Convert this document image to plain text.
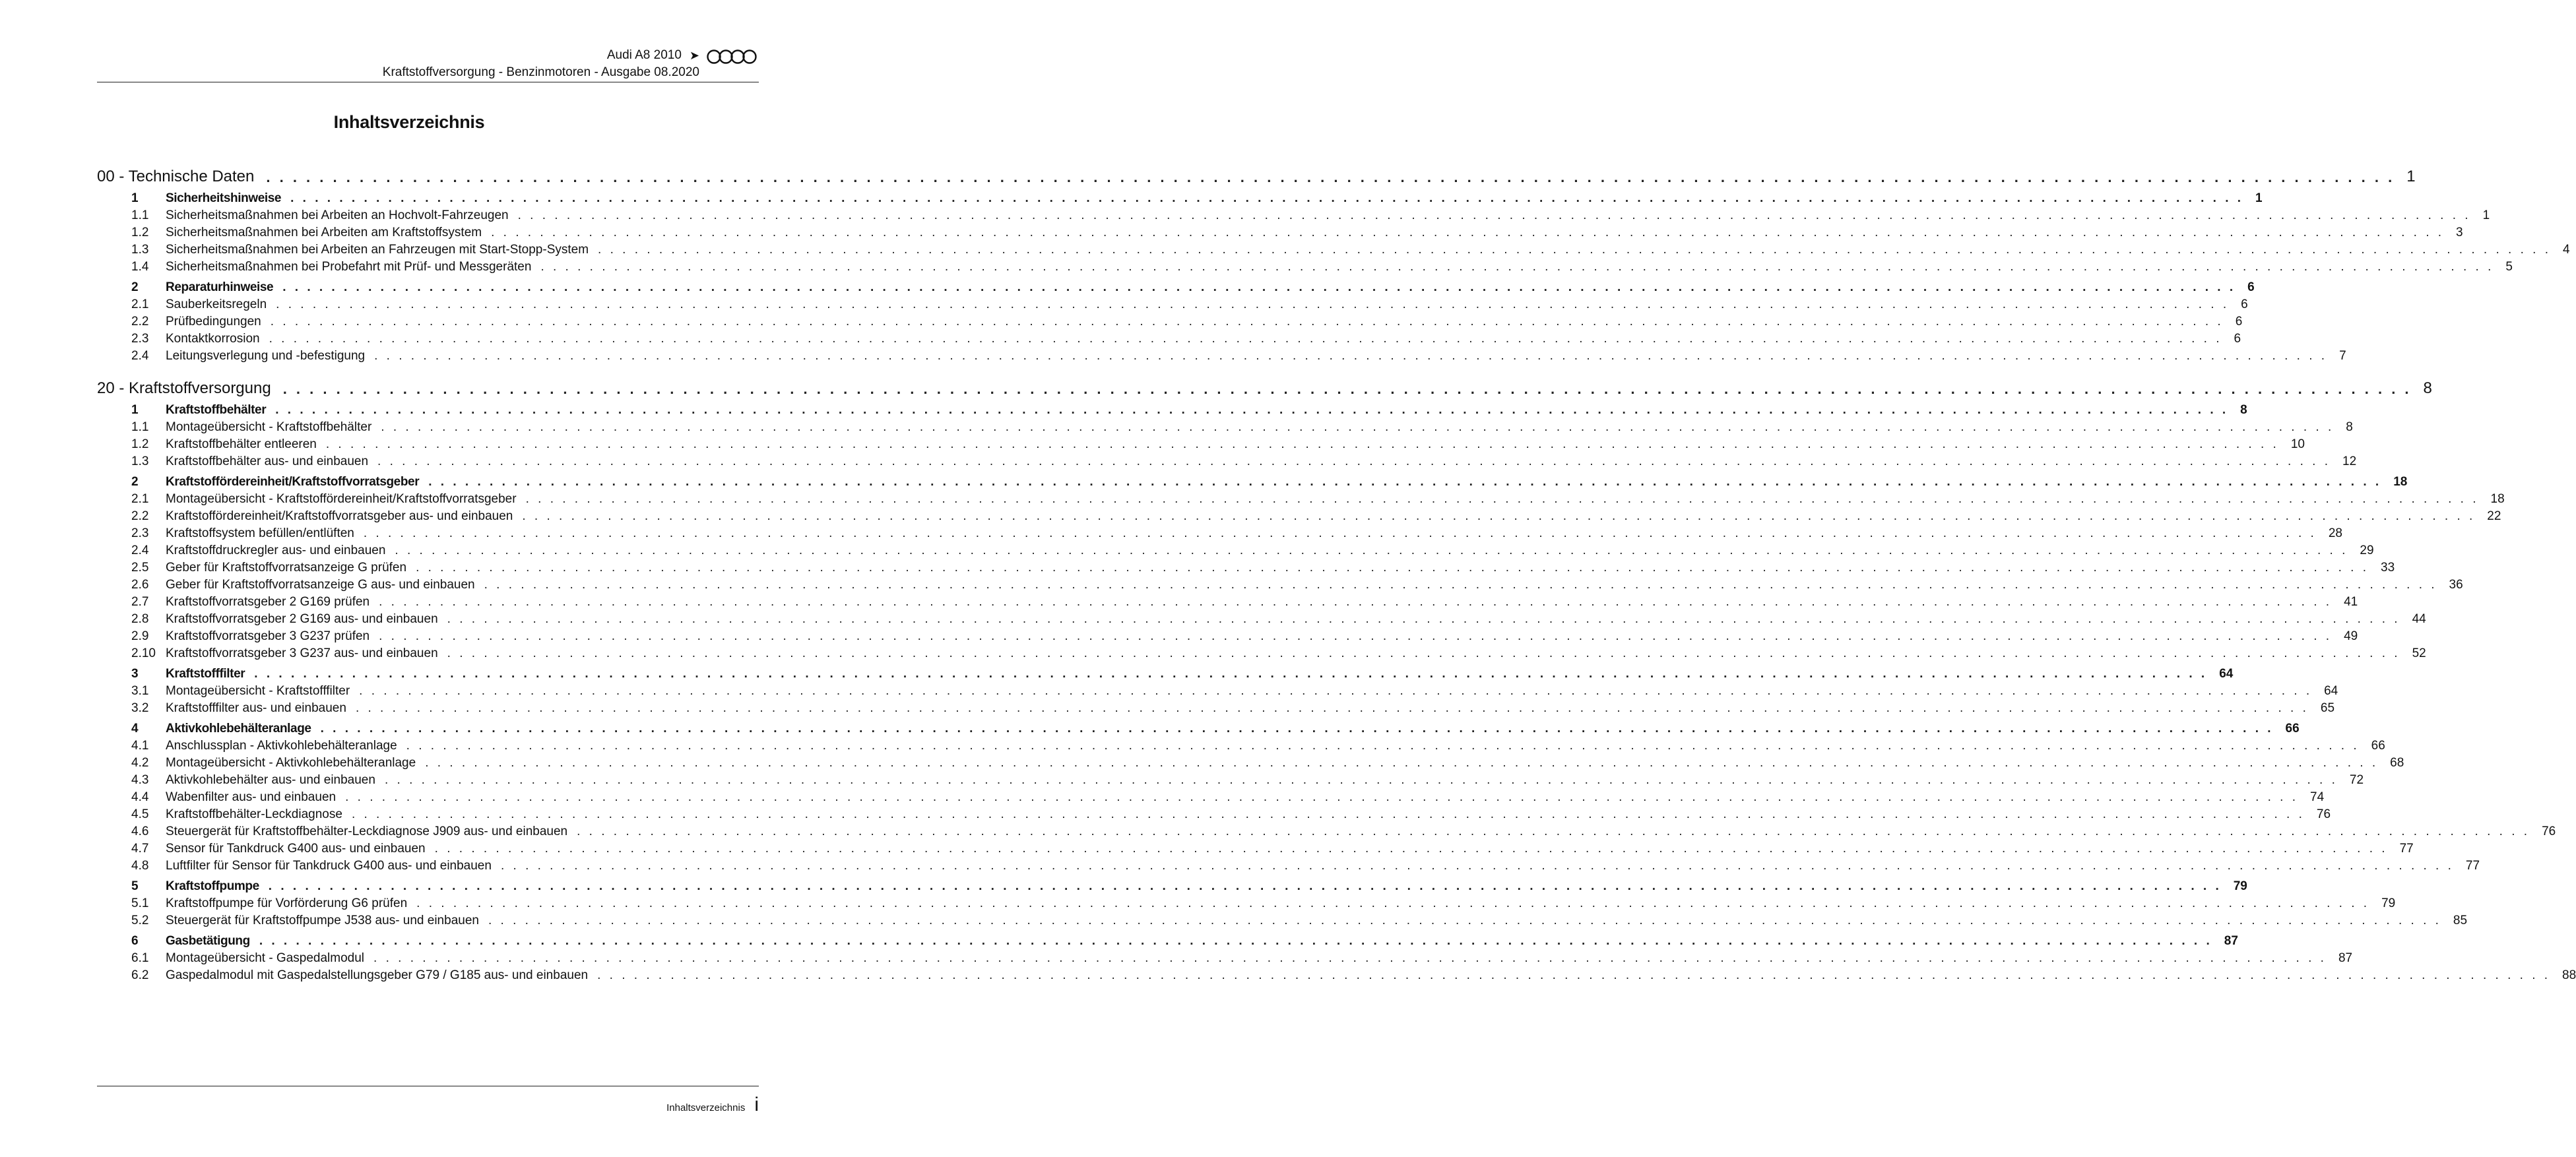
Audi A8 2010 ➤
Kraftstoffversorgung - Benzinmotoren - Ausgabe 08.2020
Inhaltsverzeichnis
00 - Technische Daten . . . . . . . . . . . . . . . . . . . . . . . . . . . . . . . . . . . . . . . . . . . . . . . . . . . . . . . . . . . . . . . . . . . . . . . . . . . . . . . . . . . . . . . . . . . . . . . . . . . . . . . . . . . . . . . . . . . . . . . . . . . . . . . . . . . . . . . . . . . . . . . . . . . . . . . . . . . . . . . . 1
1	Sicherheitshinweise . . . . . . . . . . . . . . . . . . . . . . . . . . . . . . . . . . . . . . . . . . . . . . . . . . . . . . . . . . . . . . . . . . . . . . . . . . . . . . . . . . . . . . . . . . . . . . . . . . . . . . . . . . . . . . . . . . . . . . . . . . . . . . . . . . . . . . . . . . . . . . . . . . . . . . . . . . . . . . . . 1
1.1	Sicherheitsmaßnahmen bei Arbeiten an Hochvolt-Fahrzeugen . . . . . . . . . . . . . . . . . . . . . . . . . . . . . . . . . . . . . . . . . . . . . . . . . . . . . . . . . . . . . . . . . . . . . . . . . . . . . . . . . . . . . . . . . . . . . . . . . . . . . . . . . . . . . . . . . . . . . . . . . . . . . . . . . . . . . . . . . . . . . . . . . . . . . . . . . . . . . . . . 1
1.2	Sicherheitsmaßnahmen bei Arbeiten am Kraftstoffsystem . . . . . . . . . . . . . . . . . . . . . . . . . . . . . . . . . . . . . . . . . . . . . . . . . . . . . . . . . . . . . . . . . . . . . . . . . . . . . . . . . . . . . . . . . . . . . . . . . . . . . . . . . . . . . . . . . . . . . . . . . . . . . . . . . . . . . . . . . . . . . . . . . . . . . . . . . . . . . . . . 3
1.3	Sicherheitsmaßnahmen bei Arbeiten an Fahrzeugen mit Start-Stopp-System . . . . . . . . . . . . . . . . . . . . . . . . . . . . . . . . . . . . . . . . . . . . . . . . . . . . . . . . . . . . . . . . . . . . . . . . . . . . . . . . . . . . . . . . . . . . . . . . . . . . . . . . . . . . . . . . . . . . . . . . . . . . . . . . . . . . . . . . . . . . . . . . . . . . . . . . . . . . . . . . 4
1.4	Sicherheitsmaßnahmen bei Probefahrt mit Prüf- und Messgeräten . . . . . . . . . . . . . . . . . . . . . . . . . . . . . . . . . . . . . . . . . . . . . . . . . . . . . . . . . . . . . . . . . . . . . . . . . . . . . . . . . . . . . . . . . . . . . . . . . . . . . . . . . . . . . . . . . . . . . . . . . . . . . . . . . . . . . . . . . . . . . . . . . . . . . . . . . . . . . . . . 5
2	Reparaturhinweise . . . . . . . . . . . . . . . . . . . . . . . . . . . . . . . . . . . . . . . . . . . . . . . . . . . . . . . . . . . . . . . . . . . . . . . . . . . . . . . . . . . . . . . . . . . . . . . . . . . . . . . . . . . . . . . . . . . . . . . . . . . . . . . . . . . . . . . . . . . . . . . . . . . . . . . . . . . . . . . . 6
2.1	Sauberkeitsregeln . . . . . . . . . . . . . . . . . . . . . . . . . . . . . . . . . . . . . . . . . . . . . . . . . . . . . . . . . . . . . . . . . . . . . . . . . . . . . . . . . . . . . . . . . . . . . . . . . . . . . . . . . . . . . . . . . . . . . . . . . . . . . . . . . . . . . . . . . . . . . . . . . . . . . . . . . . . . . . . . 6
2.2	Prüfbedingungen . . . . . . . . . . . . . . . . . . . . . . . . . . . . . . . . . . . . . . . . . . . . . . . . . . . . . . . . . . . . . . . . . . . . . . . . . . . . . . . . . . . . . . . . . . . . . . . . . . . . . . . . . . . . . . . . . . . . . . . . . . . . . . . . . . . . . . . . . . . . . . . . . . . . . . . . . . . . . . . . 6
2.3	Kontaktkorrosion . . . . . . . . . . . . . . . . . . . . . . . . . . . . . . . . . . . . . . . . . . . . . . . . . . . . . . . . . . . . . . . . . . . . . . . . . . . . . . . . . . . . . . . . . . . . . . . . . . . . . . . . . . . . . . . . . . . . . . . . . . . . . . . . . . . . . . . . . . . . . . . . . . . . . . . . . . . . . . . . 6
2.4	Leitungsverlegung und -befestigung . . . . . . . . . . . . . . . . . . . . . . . . . . . . . . . . . . . . . . . . . . . . . . . . . . . . . . . . . . . . . . . . . . . . . . . . . . . . . . . . . . . . . . . . . . . . . . . . . . . . . . . . . . . . . . . . . . . . . . . . . . . . . . . . . . . . . . . . . . . . . . . . . . . . . . . . . . . . . . . . 7
20 - Kraftstoffversorgung . . . . . . . . . . . . . . . . . . . . . . . . . . . . . . . . . . . . . . . . . . . . . . . . . . . . . . . . . . . . . . . . . . . . . . . . . . . . . . . . . . . . . . . . . . . . . . . . . . . . . . . . . . . . . . . . . . . . . . . . . . . . . . . . . . . . . . . . . . . . . . . . . . . . . . . . . . . . . . . . 8
1	Kraftstoffbehälter . . . . . . . . . . . . . . . . . . . . . . . . . . . . . . . . . . . . . . . . . . . . . . . . . . . . . . . . . . . . . . . . . . . . . . . . . . . . . . . . . . . . . . . . . . . . . . . . . . . . . . . . . . . . . . . . . . . . . . . . . . . . . . . . . . . . . . . . . . . . . . . . . . . . . . . . . . . . . . . . 8
1.1	Montageübersicht - Kraftstoffbehälter . . . . . . . . . . . . . . . . . . . . . . . . . . . . . . . . . . . . . . . . . . . . . . . . . . . . . . . . . . . . . . . . . . . . . . . . . . . . . . . . . . . . . . . . . . . . . . . . . . . . . . . . . . . . . . . . . . . . . . . . . . . . . . . . . . . . . . . . . . . . . . . . . . . . . . . . . . . . . . . . 8
1.2	Kraftstoffbehälter entleeren . . . . . . . . . . . . . . . . . . . . . . . . . . . . . . . . . . . . . . . . . . . . . . . . . . . . . . . . . . . . . . . . . . . . . . . . . . . . . . . . . . . . . . . . . . . . . . . . . . . . . . . . . . . . . . . . . . . . . . . . . . . . . . . . . . . . . . . . . . . . . . . . . . . . . . . . . . . . . . . . 10
1.3	Kraftstoffbehälter aus- und einbauen . . . . . . . . . . . . . . . . . . . . . . . . . . . . . . . . . . . . . . . . . . . . . . . . . . . . . . . . . . . . . . . . . . . . . . . . . . . . . . . . . . . . . . . . . . . . . . . . . . . . . . . . . . . . . . . . . . . . . . . . . . . . . . . . . . . . . . . . . . . . . . . . . . . . . . . . . . . . . . . . 12
2	Kraftstoffördereinheit/Kraftstoffvorratsgeber . . . . . . . . . . . . . . . . . . . . . . . . . . . . . . . . . . . . . . . . . . . . . . . . . . . . . . . . . . . . . . . . . . . . . . . . . . . . . . . . . . . . . . . . . . . . . . . . . . . . . . . . . . . . . . . . . . . . . . . . . . . . . . . . . . . . . . . . . . . . . . . . . . . . . . . . . . . . . . . . 18
2.1	Montageübersicht - Kraftstoffördereinheit/Kraftstoffvorratsgeber . . . . . . . . . . . . . . . . . . . . . . . . . . . . . . . . . . . . . . . . . . . . . . . . . . . . . . . . . . . . . . . . . . . . . . . . . . . . . . . . . . . . . . . . . . . . . . . . . . . . . . . . . . . . . . . . . . . . . . . . . . . . . . . . . . . . . . . . . . . . . . . . . . . . . . . . . . . . . . . . 18
2.2	Kraftstoffördereinheit/Kraftstoffvorratsgeber aus- und einbauen . . . . . . . . . . . . . . . . . . . . . . . . . . . . . . . . . . . . . . . . . . . . . . . . . . . . . . . . . . . . . . . . . . . . . . . . . . . . . . . . . . . . . . . . . . . . . . . . . . . . . . . . . . . . . . . . . . . . . . . . . . . . . . . . . . . . . . . . . . . . . . . . . . . . . . . . . . . . . . . . 22
2.3	Kraftstoffsystem befüllen/entlüften . . . . . . . . . . . . . . . . . . . . . . . . . . . . . . . . . . . . . . . . . . . . . . . . . . . . . . . . . . . . . . . . . . . . . . . . . . . . . . . . . . . . . . . . . . . . . . . . . . . . . . . . . . . . . . . . . . . . . . . . . . . . . . . . . . . . . . . . . . . . . . . . . . . . . . . . . . . . . . . . 28
2.4	Kraftstoffdruckregler aus- und einbauen . . . . . . . . . . . . . . . . . . . . . . . . . . . . . . . . . . . . . . . . . . . . . . . . . . . . . . . . . . . . . . . . . . . . . . . . . . . . . . . . . . . . . . . . . . . . . . . . . . . . . . . . . . . . . . . . . . . . . . . . . . . . . . . . . . . . . . . . . . . . . . . . . . . . . . . . . . . . . . . . 29
2.5	Geber für Kraftstoffvorratsanzeige G prüfen . . . . . . . . . . . . . . . . . . . . . . . . . . . . . . . . . . . . . . . . . . . . . . . . . . . . . . . . . . . . . . . . . . . . . . . . . . . . . . . . . . . . . . . . . . . . . . . . . . . . . . . . . . . . . . . . . . . . . . . . . . . . . . . . . . . . . . . . . . . . . . . . . . . . . . . . . . . . . . . . 33
2.6	Geber für Kraftstoffvorratsanzeige G aus- und einbauen . . . . . . . . . . . . . . . . . . . . . . . . . . . . . . . . . . . . . . . . . . . . . . . . . . . . . . . . . . . . . . . . . . . . . . . . . . . . . . . . . . . . . . . . . . . . . . . . . . . . . . . . . . . . . . . . . . . . . . . . . . . . . . . . . . . . . . . . . . . . . . . . . . . . . . . . . . . . . . . . 36
2.7	Kraftstoffvorratsgeber 2 G169 prüfen . . . . . . . . . . . . . . . . . . . . . . . . . . . . . . . . . . . . . . . . . . . . . . . . . . . . . . . . . . . . . . . . . . . . . . . . . . . . . . . . . . . . . . . . . . . . . . . . . . . . . . . . . . . . . . . . . . . . . . . . . . . . . . . . . . . . . . . . . . . . . . . . . . . . . . . . . . . . . . . . 41
2.8	Kraftstoffvorratsgeber 2 G169 aus- und einbauen . . . . . . . . . . . . . . . . . . . . . . . . . . . . . . . . . . . . . . . . . . . . . . . . . . . . . . . . . . . . . . . . . . . . . . . . . . . . . . . . . . . . . . . . . . . . . . . . . . . . . . . . . . . . . . . . . . . . . . . . . . . . . . . . . . . . . . . . . . . . . . . . . . . . . . . . . . . . . . . . 44
2.9	Kraftstoffvorratsgeber 3 G237 prüfen . . . . . . . . . . . . . . . . . . . . . . . . . . . . . . . . . . . . . . . . . . . . . . . . . . . . . . . . . . . . . . . . . . . . . . . . . . . . . . . . . . . . . . . . . . . . . . . . . . . . . . . . . . . . . . . . . . . . . . . . . . . . . . . . . . . . . . . . . . . . . . . . . . . . . . . . . . . . . . . . 49
2.10 Kraftstoffvorratsgeber 3 G237 aus- und einbauen . . . . . . . . . . . . . . . . . . . . . . . . . . . . . . . . . . . . . . . . . . . . . . . . . . . . . . . . . . . . . . . . . . . . . . . . . . . . . . . . . . . . . . . . . . . . . . . . . . . . . . . . . . . . . . . . . . . . . . . . . . . . . . . . . . . . . . . . . . . . . . . . . . . . . . . . . . . . . . . . 52
3	Kraftstofffilter . . . . . . . . . . . . . . . . . . . . . . . . . . . . . . . . . . . . . . . . . . . . . . . . . . . . . . . . . . . . . . . . . . . . . . . . . . . . . . . . . . . . . . . . . . . . . . . . . . . . . . . . . . . . . . . . . . . . . . . . . . . . . . . . . . . . . . . . . . . . . . . . . . . . . . . . . . . . . . . . 64
3.1	Montageübersicht - Kraftstofffilter . . . . . . . . . . . . . . . . . . . . . . . . . . . . . . . . . . . . . . . . . . . . . . . . . . . . . . . . . . . . . . . . . . . . . . . . . . . . . . . . . . . . . . . . . . . . . . . . . . . . . . . . . . . . . . . . . . . . . . . . . . . . . . . . . . . . . . . . . . . . . . . . . . . . . . . . . . . . . . . . 64
3.2	Kraftstofffilter aus- und einbauen . . . . . . . . . . . . . . . . . . . . . . . . . . . . . . . . . . . . . . . . . . . . . . . . . . . . . . . . . . . . . . . . . . . . . . . . . . . . . . . . . . . . . . . . . . . . . . . . . . . . . . . . . . . . . . . . . . . . . . . . . . . . . . . . . . . . . . . . . . . . . . . . . . . . . . . . . . . . . . . . 65
4	Aktivkohlebehälteranlage . . . . . . . . . . . . . . . . . . . . . . . . . . . . . . . . . . . . . . . . . . . . . . . . . . . . . . . . . . . . . . . . . . . . . . . . . . . . . . . . . . . . . . . . . . . . . . . . . . . . . . . . . . . . . . . . . . . . . . . . . . . . . . . . . . . . . . . . . . . . . . . . . . . . . . . . . . . . . . . . 66
4.1	Anschlussplan - Aktivkohlebehälteranlage . . . . . . . . . . . . . . . . . . . . . . . . . . . . . . . . . . . . . . . . . . . . . . . . . . . . . . . . . . . . . . . . . . . . . . . . . . . . . . . . . . . . . . . . . . . . . . . . . . . . . . . . . . . . . . . . . . . . . . . . . . . . . . . . . . . . . . . . . . . . . . . . . . . . . . . . . . . . . . . . 66
4.2	Montageübersicht - Aktivkohlebehälteranlage . . . . . . . . . . . . . . . . . . . . . . . . . . . . . . . . . . . . . . . . . . . . . . . . . . . . . . . . . . . . . . . . . . . . . . . . . . . . . . . . . . . . . . . . . . . . . . . . . . . . . . . . . . . . . . . . . . . . . . . . . . . . . . . . . . . . . . . . . . . . . . . . . . . . . . . . . . . . . . . . 68
4.3	Aktivkohlebehälter aus- und einbauen . . . . . . . . . . . . . . . . . . . . . . . . . . . . . . . . . . . . . . . . . . . . . . . . . . . . . . . . . . . . . . . . . . . . . . . . . . . . . . . . . . . . . . . . . . . . . . . . . . . . . . . . . . . . . . . . . . . . . . . . . . . . . . . . . . . . . . . . . . . . . . . . . . . . . . . . . . . . . . . . 72
4.4	Wabenfilter aus- und einbauen . . . . . . . . . . . . . . . . . . . . . . . . . . . . . . . . . . . . . . . . . . . . . . . . . . . . . . . . . . . . . . . . . . . . . . . . . . . . . . . . . . . . . . . . . . . . . . . . . . . . . . . . . . . . . . . . . . . . . . . . . . . . . . . . . . . . . . . . . . . . . . . . . . . . . . . . . . . . . . . . 74
4.5	Kraftstoffbehälter-Leckdiagnose . . . . . . . . . . . . . . . . . . . . . . . . . . . . . . . . . . . . . . . . . . . . . . . . . . . . . . . . . . . . . . . . . . . . . . . . . . . . . . . . . . . . . . . . . . . . . . . . . . . . . . . . . . . . . . . . . . . . . . . . . . . . . . . . . . . . . . . . . . . . . . . . . . . . . . . . . . . . . . . . 76
4.6	Steuergerät für Kraftstoffbehälter-Leckdiagnose J909 aus- und einbauen . . . . . . . . . . . . . . . . . . . . . . . . . . . . . . . . . . . . . . . . . . . . . . . . . . . . . . . . . . . . . . . . . . . . . . . . . . . . . . . . . . . . . . . . . . . . . . . . . . . . . . . . . . . . . . . . . . . . . . . . . . . . . . . . . . . . . . . . . . . . . . . . . . . . . . . . . . . . . . . . 76
4.7	Sensor für Tankdruck G400 aus- und einbauen . . . . . . . . . . . . . . . . . . . . . . . . . . . . . . . . . . . . . . . . . . . . . . . . . . . . . . . . . . . . . . . . . . . . . . . . . . . . . . . . . . . . . . . . . . . . . . . . . . . . . . . . . . . . . . . . . . . . . . . . . . . . . . . . . . . . . . . . . . . . . . . . . . . . . . . . . . . . . . . . 77
4.8	Luftfilter für Sensor für Tankdruck G400 aus- und einbauen . . . . . . . . . . . . . . . . . . . . . . . . . . . . . . . . . . . . . . . . . . . . . . . . . . . . . . . . . . . . . . . . . . . . . . . . . . . . . . . . . . . . . . . . . . . . . . . . . . . . . . . . . . . . . . . . . . . . . . . . . . . . . . . . . . . . . . . . . . . . . . . . . . . . . . . . . . . . . . . . 77
5	Kraftstoffpumpe . . . . . . . . . . . . . . . . . . . . . . . . . . . . . . . . . . . . . . . . . . . . . . . . . . . . . . . . . . . . . . . . . . . . . . . . . . . . . . . . . . . . . . . . . . . . . . . . . . . . . . . . . . . . . . . . . . . . . . . . . . . . . . . . . . . . . . . . . . . . . . . . . . . . . . . . . . . . . . . . 79
5.1	Kraftstoffpumpe für Vorförderung G6 prüfen . . . . . . . . . . . . . . . . . . . . . . . . . . . . . . . . . . . . . . . . . . . . . . . . . . . . . . . . . . . . . . . . . . . . . . . . . . . . . . . . . . . . . . . . . . . . . . . . . . . . . . . . . . . . . . . . . . . . . . . . . . . . . . . . . . . . . . . . . . . . . . . . . . . . . . . . . . . . . . . . 79
5.2	Steuergerät für Kraftstoffpumpe J538 aus- und einbauen . . . . . . . . . . . . . . . . . . . . . . . . . . . . . . . . . . . . . . . . . . . . . . . . . . . . . . . . . . . . . . . . . . . . . . . . . . . . . . . . . . . . . . . . . . . . . . . . . . . . . . . . . . . . . . . . . . . . . . . . . . . . . . . . . . . . . . . . . . . . . . . . . . . . . . . . . . . . . . . . 85
6	Gasbetätigung . . . . . . . . . . . . . . . . . . . . . . . . . . . . . . . . . . . . . . . . . . . . . . . . . . . . . . . . . . . . . . . . . . . . . . . . . . . . . . . . . . . . . . . . . . . . . . . . . . . . . . . . . . . . . . . . . . . . . . . . . . . . . . . . . . . . . . . . . . . . . . . . . . . . . . . . . . . . . . . . 87
6.1	Montageübersicht - Gaspedalmodul . . . . . . . . . . . . . . . . . . . . . . . . . . . . . . . . . . . . . . . . . . . . . . . . . . . . . . . . . . . . . . . . . . . . . . . . . . . . . . . . . . . . . . . . . . . . . . . . . . . . . . . . . . . . . . . . . . . . . . . . . . . . . . . . . . . . . . . . . . . . . . . . . . . . . . . . . . . . . . . . 87
6.2	Gaspedalmodul mit Gaspedalstellungsgeber G79 / G185 aus- und einbauen . . . . . . . . . . . . . . . . . . . . . . . . . . . . . . . . . . . . . . . . . . . . . . . . . . . . . . . . . . . . . . . . . . . . . . . . . . . . . . . . . . . . . . . . . . . . . . . . . . . . . . . . . . . . . . . . . . . . . . . . . . . . . . . . . . . . . . . . . . . . . . . . . . . . . . . . . . . . . . . . 88
Inhaltsverzeichnis i
